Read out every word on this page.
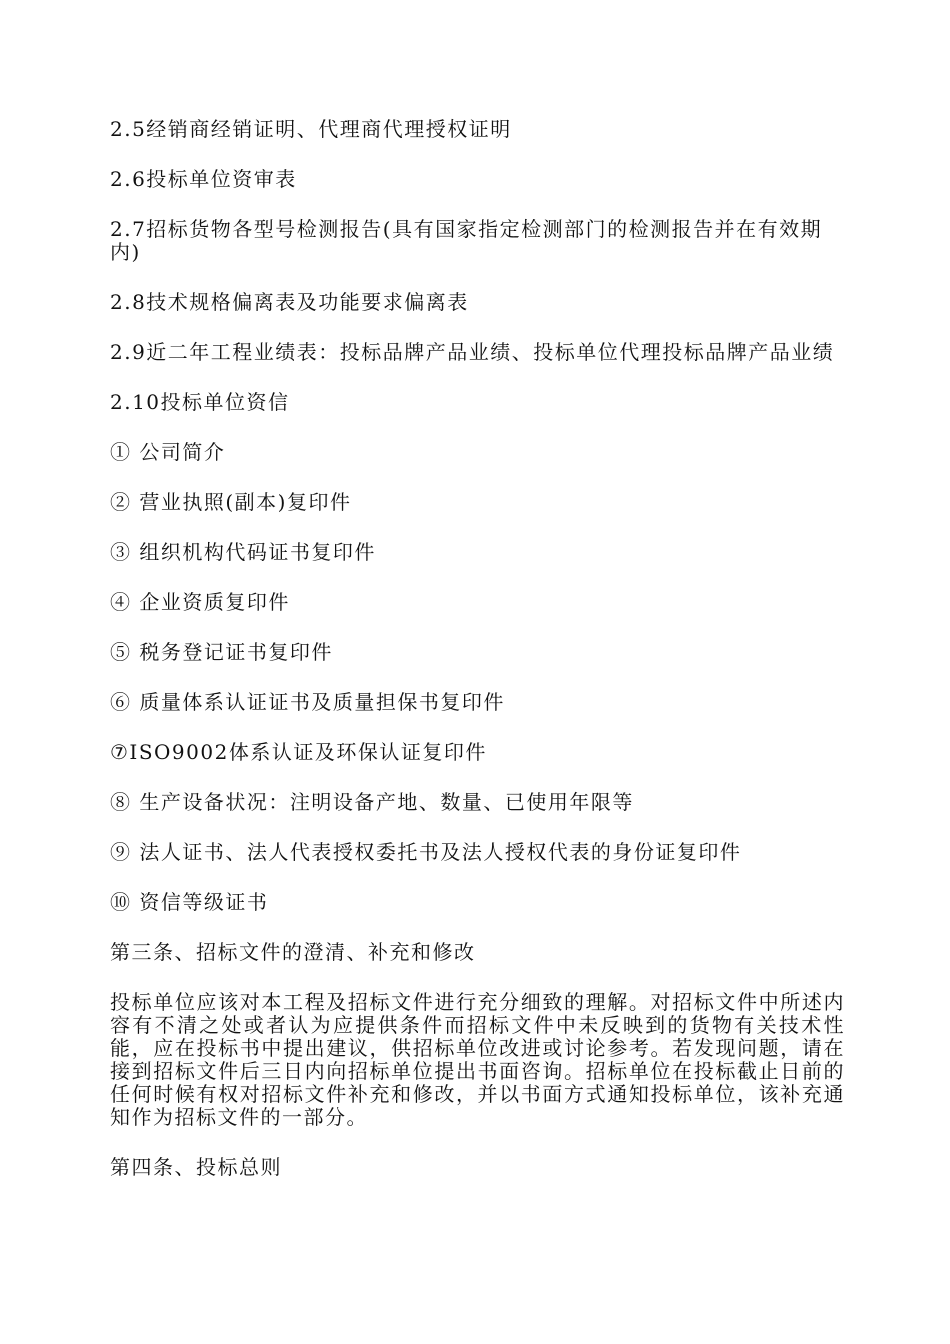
2.5经销商经销证明、代理商代理授权证明

2.6投标单位资审表

2.7招标货物各型号检测报告(具有国家指定检测部门的检测报告并在有效期内)

2.8技术规格偏离表及功能要求偏离表

2.9近二年工程业绩表：投标品牌产品业绩、投标单位代理投标品牌产品业绩

2.10投标单位资信

① 公司简介

② 营业执照(副本)复印件

③ 组织机构代码证书复印件

④ 企业资质复印件

⑤ 税务登记证书复印件

⑥ 质量体系认证证书及质量担保书复印件

⑦ISO9002体系认证及环保认证复印件

⑧ 生产设备状况：注明设备产地、数量、已使用年限等

⑨ 法人证书、法人代表授权委托书及法人授权代表的身份证复印件

⑩ 资信等级证书

第三条、招标文件的澄清、补充和修改

投标单位应该对本工程及招标文件进行充分细致的理解。对招标文件中所述内容有不清之处或者认为应提供条件而招标文件中未反映到的货物有关技术性能，应在投标书中提出建议，供招标单位改进或讨论参考。若发现问题，请在接到招标文件后三日内向招标单位提出书面咨询。招标单位在投标截止日前的任何时候有权对招标文件补充和修改，并以书面方式通知投标单位，该补充通知作为招标文件的一部分。

第四条、投标总则
